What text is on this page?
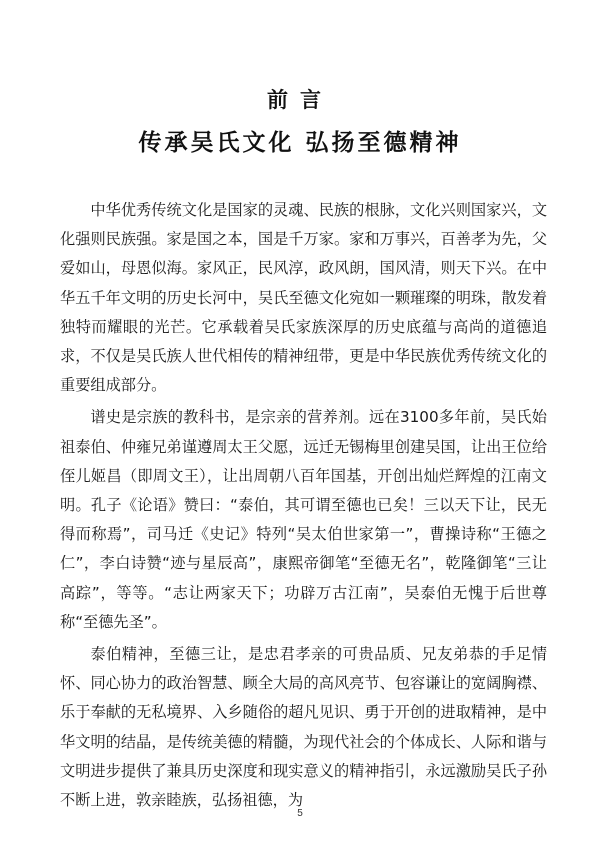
前言
传承吴氏文化 弘扬至德精神

中华优秀传统文化是国家的灵魂、民族的根脉，文化兴则国家兴，文化强则民族强。家是国之本，国是千万家。家和万事兴，百善孝为先，父爱如山，母恩似海。家风正，民风淳，政风朗，国风清，则天下兴。在中华五千年文明的历史长河中，吴氏至德文化宛如一颗璀璨的明珠，散发着独特而耀眼的光芒。它承载着吴氏家族深厚的历史底蕴与高尚的道德追求，不仅是吴氏族人世代相传的精神纽带，更是中华民族优秀传统文化的重要组成部分。

谱史是宗族的教科书，是宗亲的营养剂。远在3100多年前，吴氏始祖泰伯、仲雍兄弟谨遵周太王父愿，远迁无锡梅里创建吴国，让出王位给侄儿姬昌（即周文王），让出周朝八百年国基，开创出灿烂辉煌的江南文明。孔子《论语》赞曰：“泰伯，其可谓至德也已矣！三以天下让，民无得而称焉”，司马迁《史记》特列“吴太伯世家第一”，曹操诗称“王德之仁”，李白诗赞“迹与星辰高”，康熙帝御笔“至德无名”，乾隆御笔“三让高踪”，等等。“志让两家天下；功辟万古江南”，吴泰伯无愧于后世尊称“至德先圣”。

泰伯精神，至德三让，是忠君孝亲的可贵品质、兄友弟恭的手足情怀、同心协力的政治智慧、顾全大局的高风亮节、包容谦让的宽阔胸襟、乐于奉献的无私境界、入乡随俗的超凡见识、勇于开创的进取精神，是中华文明的结晶，是传统美德的精髓，为现代社会的个体成长、人际和谐与文明进步提供了兼具历史深度和现实意义的精神指引，永远激励吴氏子孙不断上进，敦亲睦族，弘扬祖德，为

5
